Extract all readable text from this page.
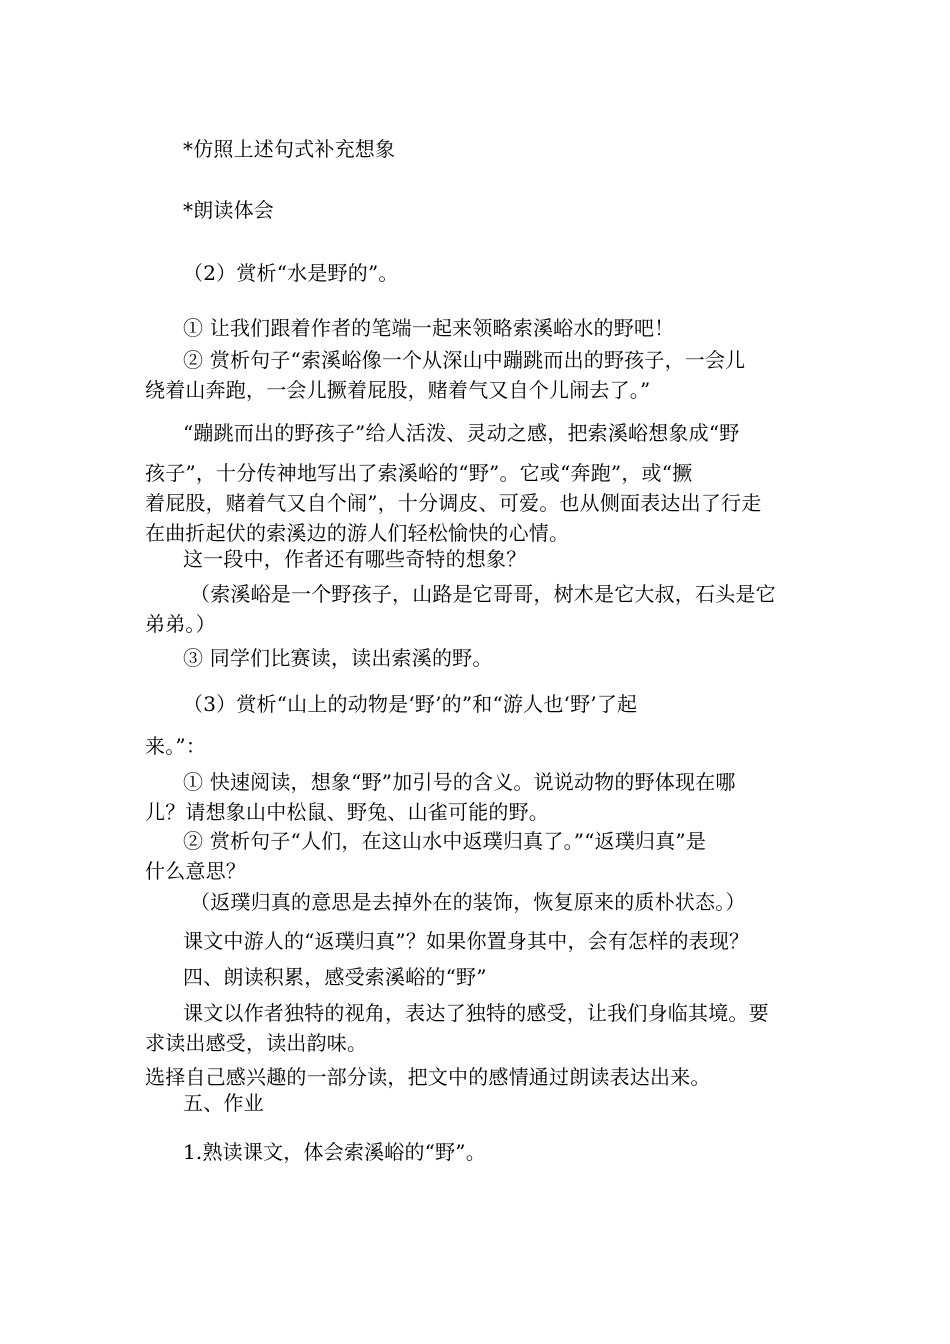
*仿照上述句式补充想象

*朗读体会

（2）赏析“水是野的”。

① 让我们跟着作者的笔端一起来领略索溪峪水的野吧！

② 赏析句子“索溪峪像一个从深山中蹦跳而出的野孩子，一会儿
绕着山奔跑，一会儿撅着屁股，赌着气又自个儿闹去了。”

“蹦跳而出的野孩子”给人活泼、灵动之感，把索溪峪想象成“野

孩子”，十分传神地写出了索溪峪的“野”。它或“奔跑”，或“撅
着屁股，赌着气又自个闹”，十分调皮、可爱。也从侧面表达出了行走
在曲折起伏的索溪边的游人们轻松愉快的心情。

这一段中，作者还有哪些奇特的想象？

（索溪峪是一个野孩子，山路是它哥哥，树木是它大叔，石头是它
弟弟。）

③ 同学们比赛读，读出索溪的野。

（3）赏析“山上的动物是‘野’的”和“游人也‘野’了起

来。”：

① 快速阅读，想象“野”加引号的含义。说说动物的野体现在哪
儿？请想象山中松鼠、野兔、山雀可能的野。

② 赏析句子“人们，在这山水中返璞归真了。”“返璞归真”是
什么意思？

（返璞归真的意思是去掉外在的装饰，恢复原来的质朴状态。）

课文中游人的“返璞归真”？如果你置身其中，会有怎样的表现？

四、朗读积累，感受索溪峪的“野”

课文以作者独特的视角，表达了独特的感受，让我们身临其境。要
求读出感受，读出韵味。

选择自己感兴趣的一部分读，把文中的感情通过朗读表达出来。

五、作业

1.熟读课文，体会索溪峪的“野”。
